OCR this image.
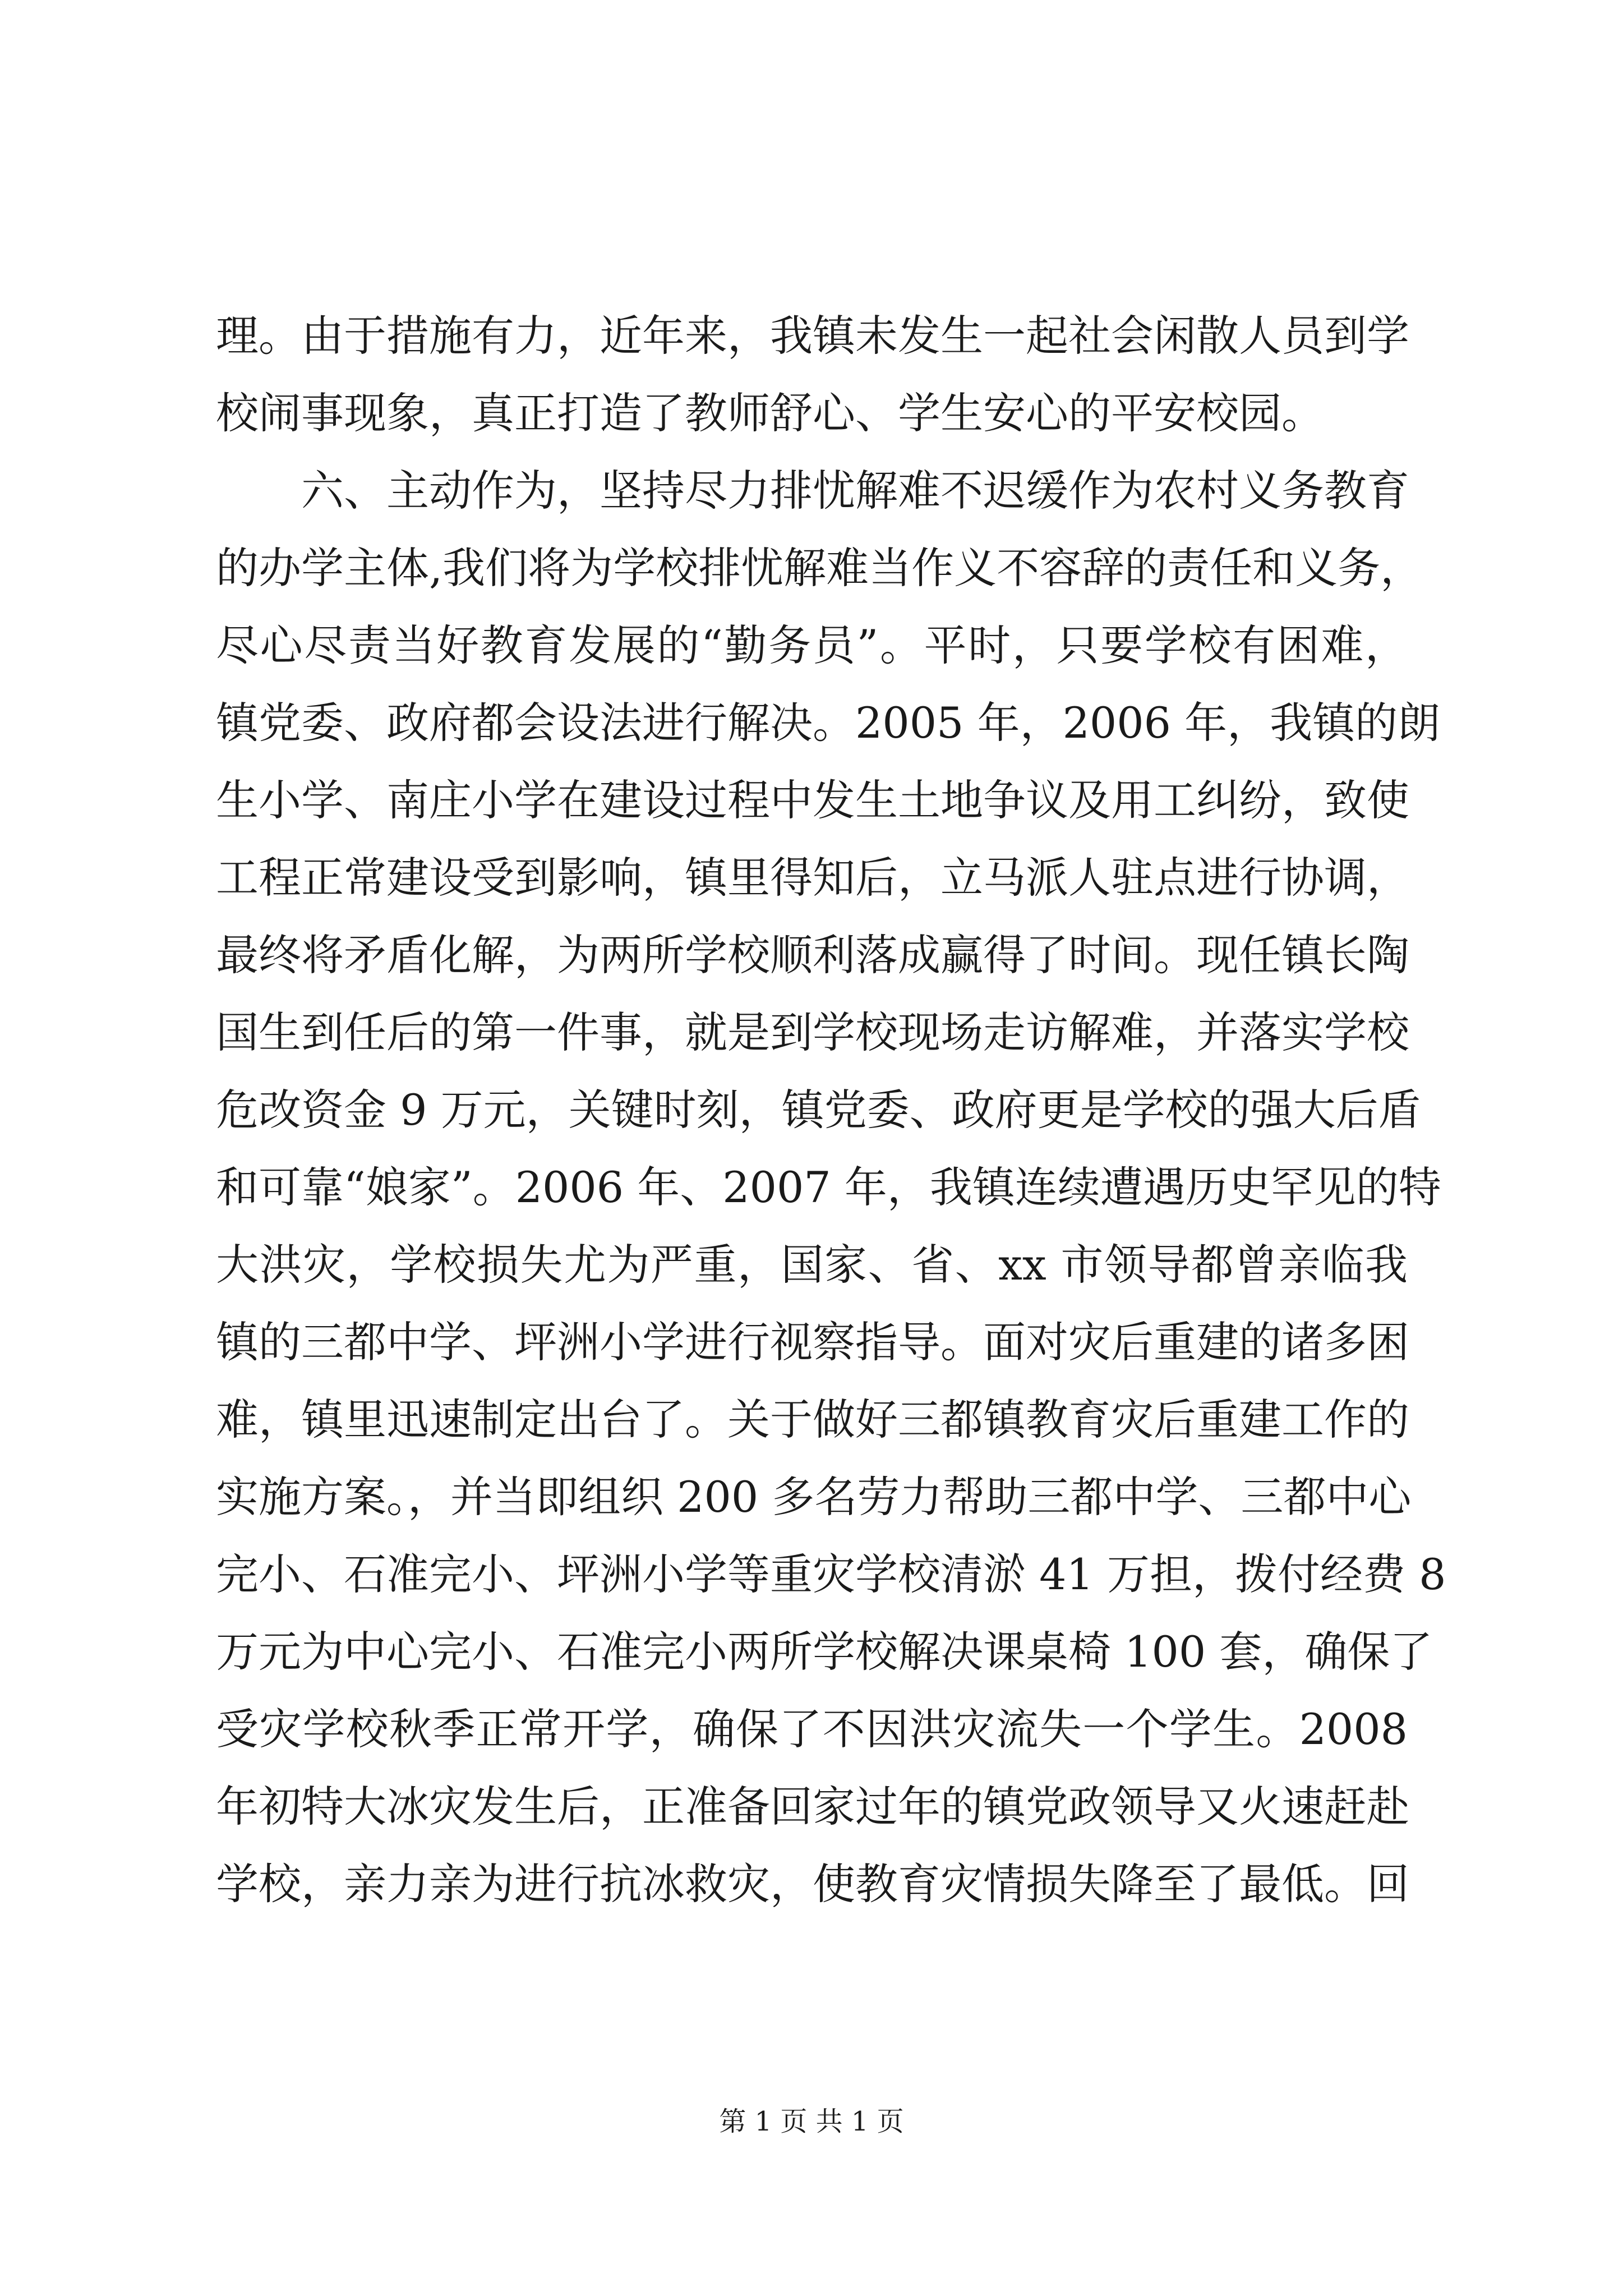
理。由于措施有力，近年来，我镇未发生一起社会闲散人员到学
校闹事现象，真正打造了教师舒心、学生安心的平安校园。
六、主动作为，坚持尽力排忧解难不迟缓作为农村义务教育
的办学主体,我们将为学校排忧解难当作义不容辞的责任和义务，
尽心尽责当好教育发展的“勤务员”。平时，只要学校有困难，
镇党委、政府都会设法进行解决。2005 年，2006 年，我镇的朗
生小学、南庄小学在建设过程中发生土地争议及用工纠纷，致使
工程正常建设受到影响，镇里得知后，立马派人驻点进行协调，
最终将矛盾化解，为两所学校顺利落成赢得了时间。现任镇长陶
国生到任后的第一件事，就是到学校现场走访解难，并落实学校
危改资金 9 万元，关键时刻，镇党委、政府更是学校的强大后盾
和可靠“娘家”。2006 年、2007 年，我镇连续遭遇历史罕见的特
大洪灾，学校损失尤为严重，国家、省、xx 市领导都曾亲临我
镇的三都中学、坪洲小学进行视察指导。面对灾后重建的诸多困
难，镇里迅速制定出台了。关于做好三都镇教育灾后重建工作的
实施方案。，并当即组织 200 多名劳力帮助三都中学、三都中心
完小、石准完小、坪洲小学等重灾学校清淤 41 万担，拨付经费 8
万元为中心完小、石准完小两所学校解决课桌椅 100 套，确保了
受灾学校秋季正常开学，确保了不因洪灾流失一个学生。2008
年初特大冰灾发生后，正准备回家过年的镇党政领导又火速赶赴
学校，亲力亲为进行抗冰救灾，使教育灾情损失降至了最低。回
第 1 页 共 1 页
